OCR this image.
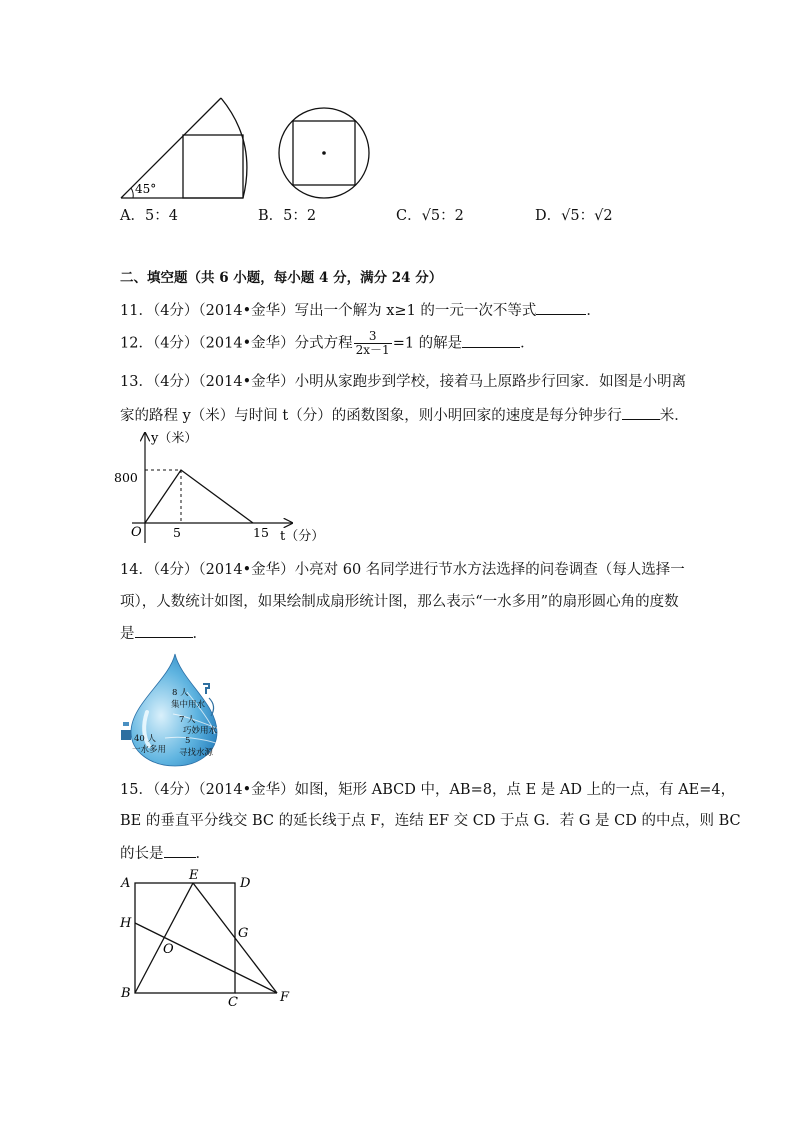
45°
A．5：4	B．5：2	C．√5：2	D．√5：√2
二、填空题（共 6 小题，每小题 4 分，满分 24 分）
11．（4分）（2014•金华）写出一个解为 x≥1 的一元一次不等式	．
12．（4分）（2014•金华）分式方程 $\frac{3}{2x-1} =1$ 的解是	．
13．（4分）（2014•金华）小明从家跑步到学校，接着马上原路步行回家．如图是小明离
家的路程 y（米）与时间 t（分）的函数图象，则小明回家的速度是每分钟步行	米．
y（米）
t（分）
O
800
5	15
14．（4分）（2014•金华）小亮对 60 名同学进行节水方法选择的问卷调查（每人选择一
项），人数统计如图，如果绘制成扇形统计图，那么表示“一水多用”的扇形圆心角的度数
是	．
8 人
集中用水
7 人
巧妙用水
40 人
一水多用
5
寻找水源
15．（4分）（2014•金华）如图，矩形 ABCD 中，AB=8，点 E 是 AD 上的一点，有 AE=4，
BE 的垂直平分线交 BC 的延长线于点 F，连结 EF 交 CD 于点 G．若 G 是 CD 的中点，则 BC
的长是 ．
A
E
D
H
G
O
B
C	F
